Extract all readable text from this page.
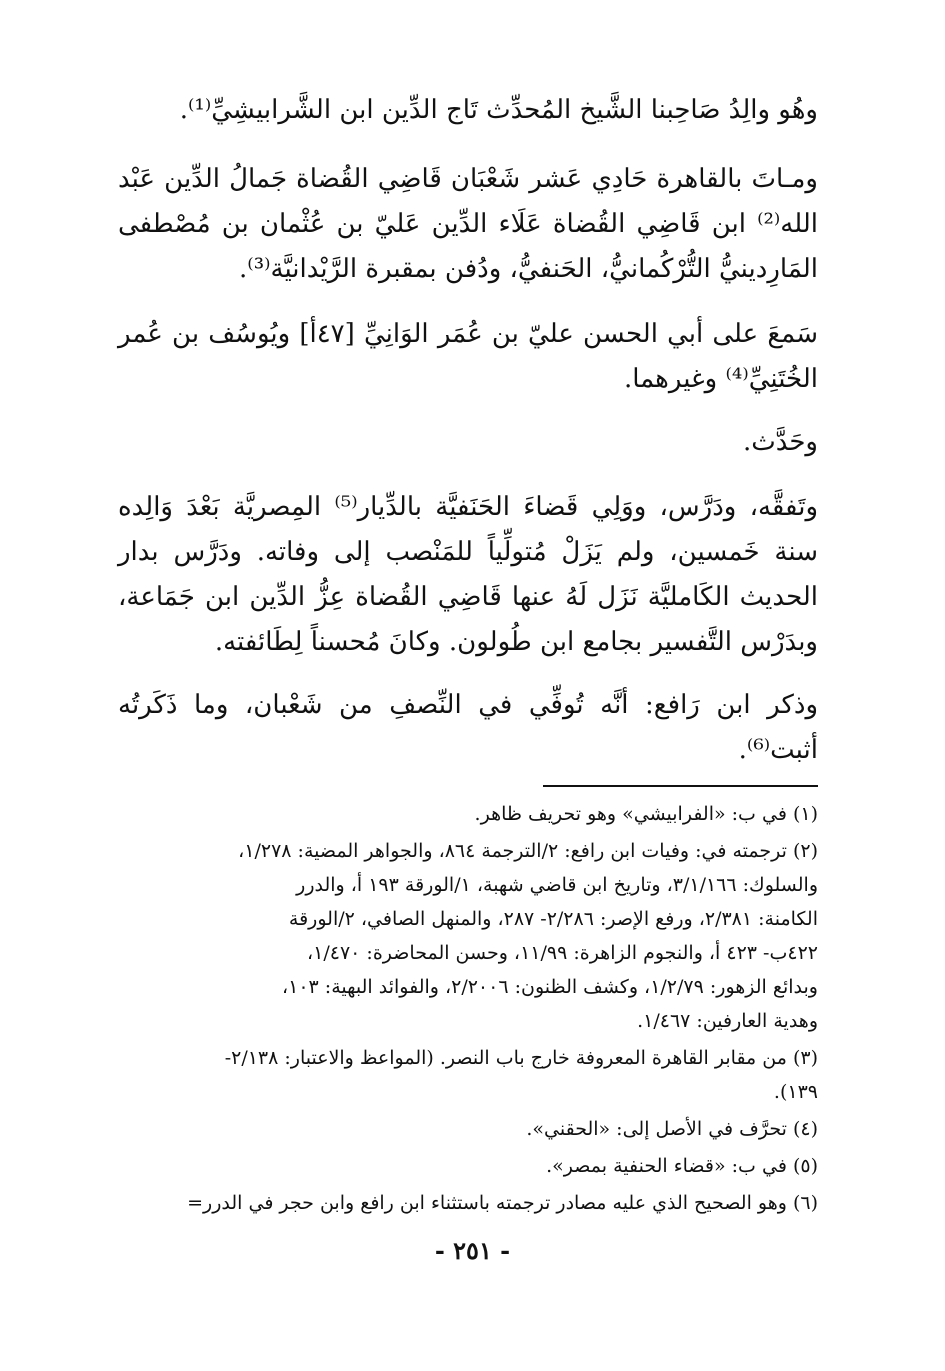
وهُو والِدُ صَاحِبنا الشَّيخ المُحدِّث تَاج الدِّين ابن الشَّرابيشِيِّ⁽¹⁾.

ومـاتَ بالقاهرة حَادِي عَشر شَعْبَان قَاضِي القُضاة جَمالُ الدِّين عَبْد الله⁽²⁾ ابن قَاضِي القُضاة عَلَاء الدِّين عَليّ بن عُثْمان بن مُصْطفى المَارِدينيُّ التُّرْكُمانيُّ، الحَنفيُّ، ودُفن بمقبرة الرَّيْدانيَّة⁽³⁾.

سَمعَ على أبي الحسن عليّ بن عُمَر الوَانِيِّ [٤٧أ] ويُوسُف بن عُمر الخُتَنِيِّ⁽⁴⁾ وغيرهما.

وحَدَّث.

وتَفقَّه، ودَرَّس، ووَلِي قَضاءَ الحَنَفيَّة بالدِّيار⁽⁵⁾ المِصريَّة بَعْدَ وَالِده سنة خَمسين، ولم يَزَلْ مُتولِّياً للمَنْصب إلى وفاته. ودَرَّس بدار الحديث الكَامليَّة نَزَل لَهُ عنها قَاضِي القُضاة عِزُّ الدِّين ابن جَمَاعة، وبدَرْس التَّفسير بجامع ابن طُولون. وكانَ مُحسناً لِطَائفته.

وذكر ابن رَافع: أنَّه تُوفِّي في النِّصفِ من شَعْبان، وما ذَكَرتُه أثبت⁽⁶⁾.

(١) في ب: «الفرابيشي» وهو تحريف ظاهر.
(٢) ترجمته في: وفيات ابن رافع: ٢/الترجمة ٨٦٤، والجواهر المضية: ١/٢٧٨،
والسلوك: ٣/١/١٦٦، وتاريخ ابن قاضي شهبة، ١/الورقة ١٩٣ أ، والدرر
الكامنة: ٢/٣٨١، ورفع الإصر: ٢/٢٨٦- ٢٨٧، والمنهل الصافي، ٢/الورقة
٤٢٢ب- ٤٢٣ أ، والنجوم الزاهرة: ١١/٩٩، وحسن المحاضرة: ١/٤٧٠،
وبدائع الزهور: ١/٢/٧٩، وكشف الظنون: ٢/٢٠٠٦، والفوائد البهية: ١٠٣،
وهدية العارفين: ١/٤٦٧.
(٣) من مقابر القاهرة المعروفة خارج باب النصر. (المواعظ والاعتبار: ٢/١٣٨-
١٣٩).
(٤) تحرَّف في الأصل إلى: «الحقني».
(٥) في ب: «قضاء الحنفية بمصر».
(٦) وهو الصحيح الذي عليه مصادر ترجمته باستثناء ابن رافع وابن حجر في الدرر=
- ٢٥١ -
